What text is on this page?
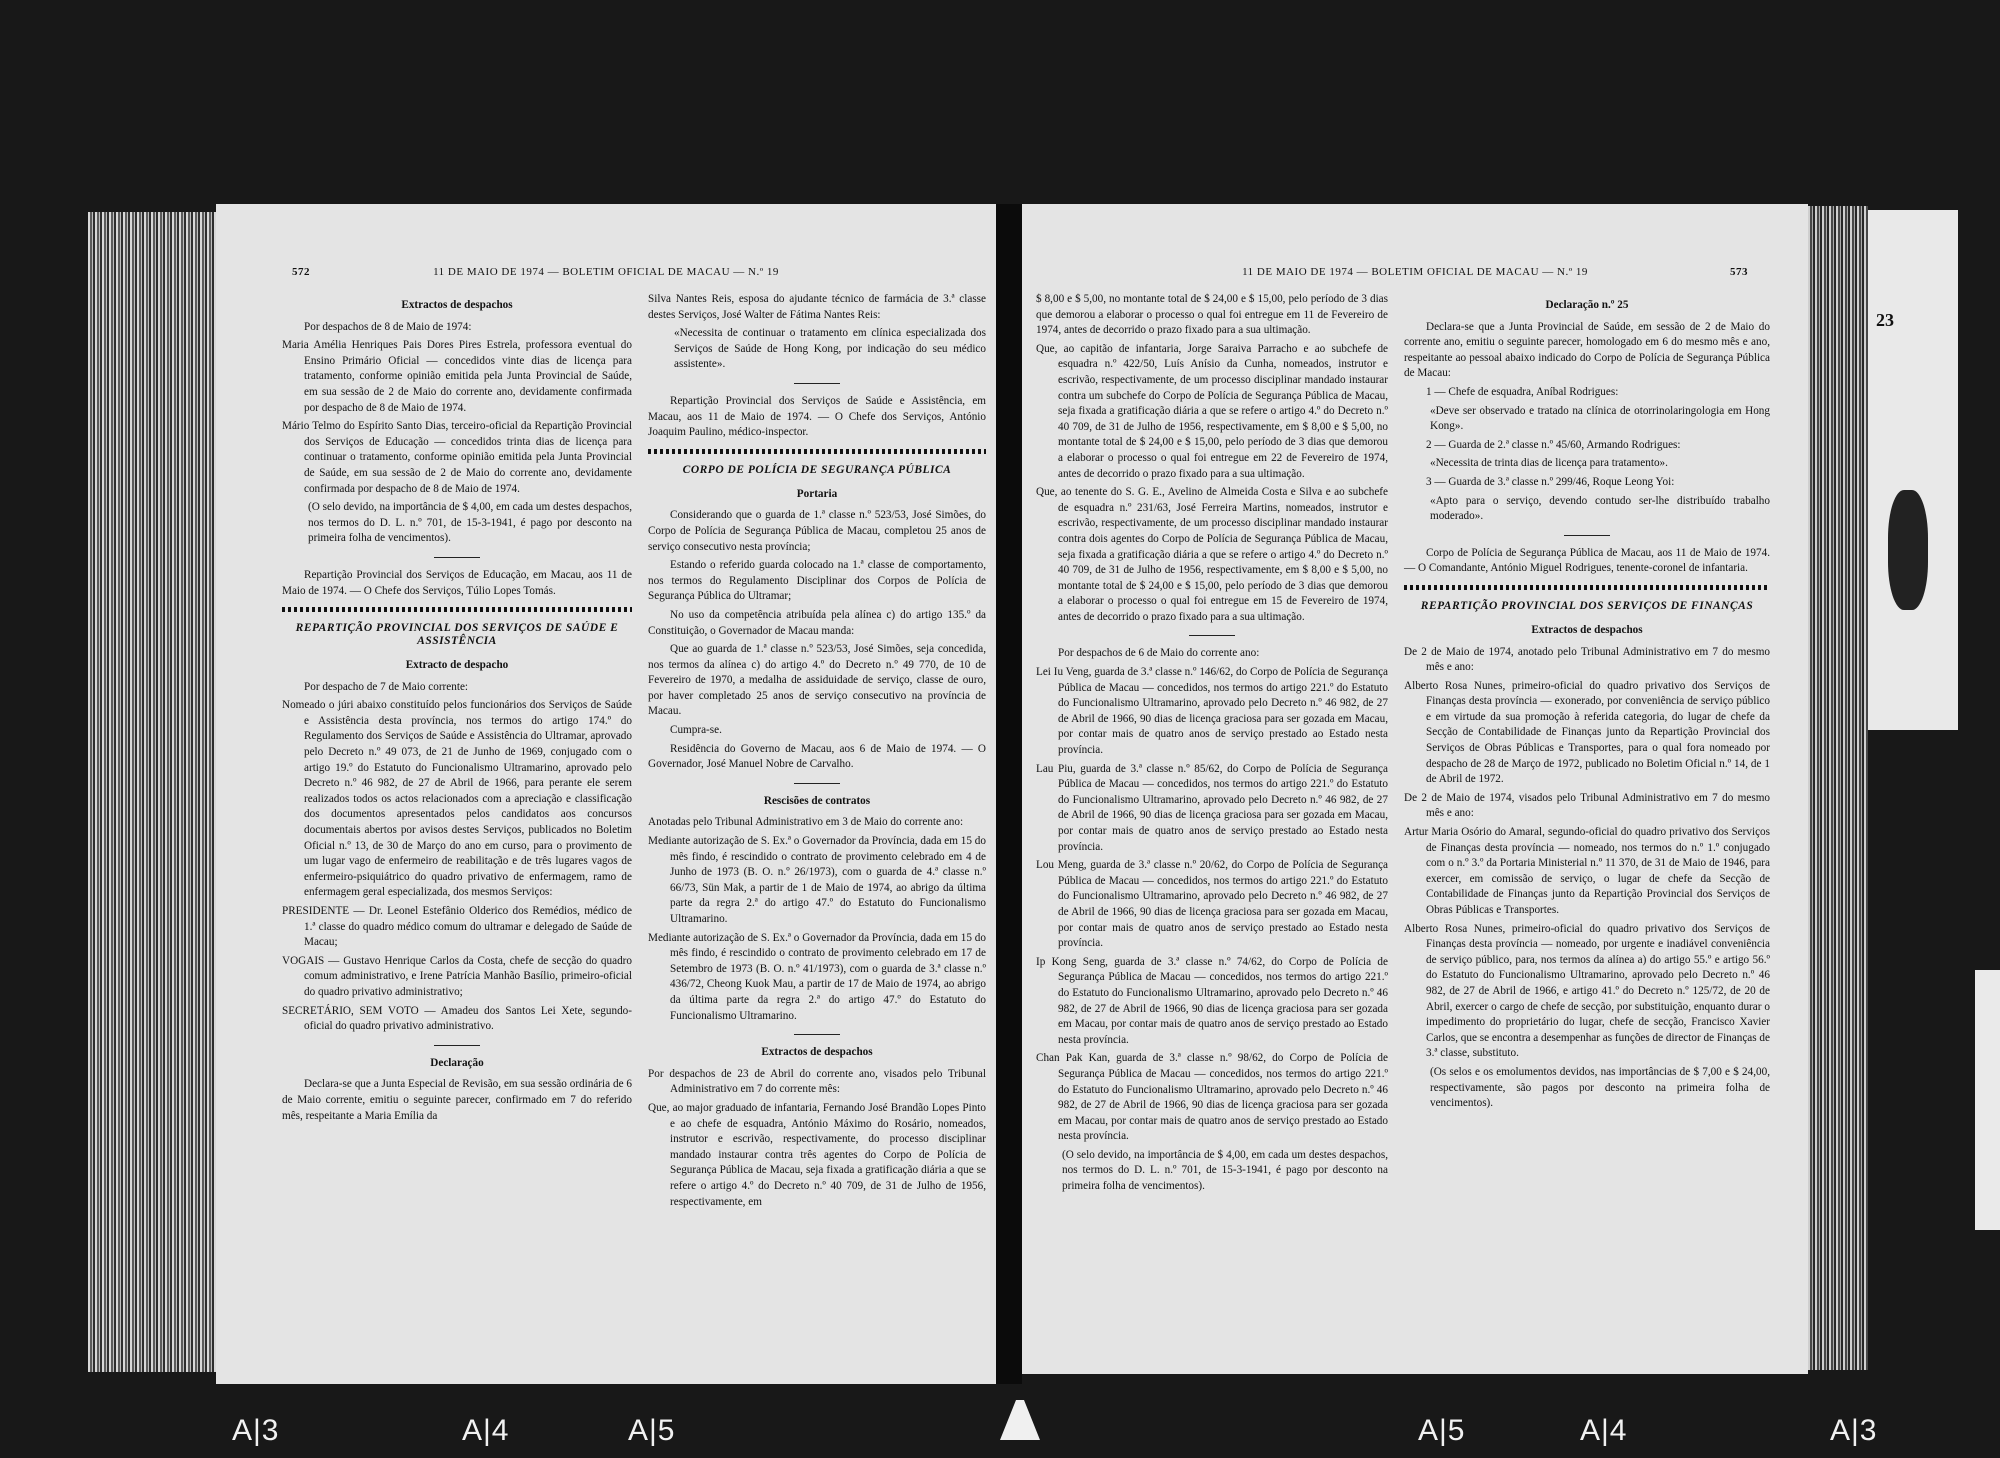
23
572	11 DE MAIO DE 1974 — BOLETIM OFICIAL DE MACAU — N.º 19

Extractos de despachos

Por despachos de 8 de Maio de 1974:

Maria Amélia Henriques Pais Dores Pires Estrela, professora eventual do Ensino Primário Oficial — concedidos vinte dias de licença para tratamento, conforme opinião emitida pela Junta Provincial de Saúde, em sua sessão de 2 de Maio do corrente ano, devidamente confirmada por despacho de 8 de Maio de 1974.

Mário Telmo do Espírito Santo Dias, terceiro-oficial da Repartição Provincial dos Serviços de Educação — concedidos trinta dias de licença para continuar o tratamento, conforme opinião emitida pela Junta Provincial de Saúde, em sua sessão de 2 de Maio do corrente ano, devidamente confirmada por despacho de 8 de Maio de 1974.

(O selo devido, na importância de $ 4,00, em cada um destes despachos, nos termos do D. L. n.º 701, de 15-3-1941, é pago por desconto na primeira folha de vencimentos).

Repartição Provincial dos Serviços de Educação, em Macau, aos 11 de Maio de 1974. — O Chefe dos Serviços, Túlio Lopes Tomás.

REPARTIÇÃO PROVINCIAL DOS SERVIÇOS DE SAÚDE E ASSISTÊNCIA

Extracto de despacho

Por despacho de 7 de Maio corrente:

Nomeado o júri abaixo constituído pelos funcionários dos Serviços de Saúde e Assistência desta província, nos termos do artigo 174.º do Regulamento dos Serviços de Saúde e Assistência do Ultramar, aprovado pelo Decreto n.º 49 073, de 21 de Junho de 1969, conjugado com o artigo 19.º do Estatuto do Funcionalismo Ultramarino, aprovado pelo Decreto n.º 46 982, de 27 de Abril de 1966, para perante ele serem realizados todos os actos relacionados com a apreciação e classificação dos documentos apresentados pelos candidatos aos concursos documentais abertos por avisos destes Serviços, publicados no Boletim Oficial n.º 13, de 30 de Março do ano em curso, para o provimento de um lugar vago de enfermeiro de reabilitação e de três lugares vagos de enfermeiro-psiquiátrico do quadro privativo de enfermagem, ramo de enfermagem geral especializada, dos mesmos Serviços:

PRESIDENTE — Dr. Leonel Estefânio Olderico dos Remédios, médico de 1.ª classe do quadro médico comum do ultramar e delegado de Saúde de Macau;

VOGAIS — Gustavo Henrique Carlos da Costa, chefe de secção do quadro comum administrativo, e Irene Patrícia Manhão Basílio, primeiro-oficial do quadro privativo administrativo;

SECRETÁRIO, SEM VOTO — Amadeu dos Santos Lei Xete, segundo-oficial do quadro privativo administrativo.

Declaração

Declara-se que a Junta Especial de Revisão, em sua sessão ordinária de 6 de Maio corrente, emitiu o seguinte parecer, confirmado em 7 do referido mês, respeitante a Maria Emília da

Silva Nantes Reis, esposa do ajudante técnico de farmácia de 3.ª classe destes Serviços, José Walter de Fátima Nantes Reis:

«Necessita de continuar o tratamento em clínica especializada dos Serviços de Saúde de Hong Kong, por indicação do seu médico assistente».

Repartição Provincial dos Serviços de Saúde e Assistência, em Macau, aos 11 de Maio de 1974. — O Chefe dos Serviços, António Joaquim Paulino, médico-inspector.

CORPO DE POLÍCIA DE SEGURANÇA PÚBLICA

Portaria

Considerando que o guarda de 1.ª classe n.º 523/53, José Simões, do Corpo de Polícia de Segurança Pública de Macau, completou 25 anos de serviço consecutivo nesta província;

Estando o referido guarda colocado na 1.ª classe de comportamento, nos termos do Regulamento Disciplinar dos Corpos de Polícia de Segurança Pública do Ultramar;

No uso da competência atribuída pela alínea c) do artigo 135.º da Constituição, o Governador de Macau manda:

Que ao guarda de 1.ª classe n.º 523/53, José Simões, seja concedida, nos termos da alínea c) do artigo 4.º do Decreto n.º 49 770, de 10 de Fevereiro de 1970, a medalha de assiduidade de serviço, classe de ouro, por haver completado 25 anos de serviço consecutivo na província de Macau.

Cumpra-se.

Residência do Governo de Macau, aos 6 de Maio de 1974. — O Governador, José Manuel Nobre de Carvalho.

Rescisões de contratos

Anotadas pelo Tribunal Administrativo em 3 de Maio do corrente ano:

Mediante autorização de S. Ex.ª o Governador da Província, dada em 15 do mês findo, é rescindido o contrato de provimento celebrado em 4 de Junho de 1973 (B. O. n.º 26/1973), com o guarda de 4.ª classe n.º 66/73, Sün Mak, a partir de 1 de Maio de 1974, ao abrigo da última parte da regra 2.ª do artigo 47.º do Estatuto do Funcionalismo Ultramarino.

Mediante autorização de S. Ex.ª o Governador da Província, dada em 15 do mês findo, é rescindido o contrato de provimento celebrado em 17 de Setembro de 1973 (B. O. n.º 41/1973), com o guarda de 3.ª classe n.º 436/72, Cheong Kuok Mau, a partir de 17 de Maio de 1974, ao abrigo da última parte da regra 2.ª do artigo 47.º do Estatuto do Funcionalismo Ultramarino.

Extractos de despachos

Por despachos de 23 de Abril do corrente ano, visados pelo Tribunal Administrativo em 7 do corrente mês:

Que, ao major graduado de infantaria, Fernando José Brandão Lopes Pinto e ao chefe de esquadra, António Máximo do Rosário, nomeados, instrutor e escrivão, respectivamente, do processo disciplinar mandado instaurar contra três agentes do Corpo de Polícia de Segurança Pública de Macau, seja fixada a gratificação diária a que se refere o artigo 4.º do Decreto n.º 40 709, de 31 de Julho de 1956, respectivamente, em

11 DE MAIO DE 1974 — BOLETIM OFICIAL DE MACAU — N.º 19	573

$ 8,00 e $ 5,00, no montante total de $ 24,00 e $ 15,00, pelo período de 3 dias que demorou a elaborar o processo o qual foi entregue em 11 de Fevereiro de 1974, antes de decorrido o prazo fixado para a sua ultimação.

Que, ao capitão de infantaria, Jorge Saraiva Parracho e ao subchefe de esquadra n.º 422/50, Luís Anísio da Cunha, nomeados, instrutor e escrivão, respectivamente, de um processo disciplinar mandado instaurar contra um subchefe do Corpo de Polícia de Segurança Pública de Macau, seja fixada a gratificação diária a que se refere o artigo 4.º do Decreto n.º 40 709, de 31 de Julho de 1956, respectivamente, em $ 8,00 e $ 5,00, no montante total de $ 24,00 e $ 15,00, pelo período de 3 dias que demorou a elaborar o processo o qual foi entregue em 22 de Fevereiro de 1974, antes de decorrido o prazo fixado para a sua ultimação.

Que, ao tenente do S. G. E., Avelino de Almeida Costa e Silva e ao subchefe de esquadra n.º 231/63, José Ferreira Martins, nomeados, instrutor e escrivão, respectivamente, de um processo disciplinar mandado instaurar contra dois agentes do Corpo de Polícia de Segurança Pública de Macau, seja fixada a gratificação diária a que se refere o artigo 4.º do Decreto n.º 40 709, de 31 de Julho de 1956, respectivamente, em $ 8,00 e $ 5,00, no montante total de $ 24,00 e $ 15,00, pelo período de 3 dias que demorou a elaborar o processo o qual foi entregue em 15 de Fevereiro de 1974, antes de decorrido o prazo fixado para a sua ultimação.

Por despachos de 6 de Maio do corrente ano:

Lei Iu Veng, guarda de 3.ª classe n.º 146/62, do Corpo de Polícia de Segurança Pública de Macau — concedidos, nos termos do artigo 221.º do Estatuto do Funcionalismo Ultramarino, aprovado pelo Decreto n.º 46 982, de 27 de Abril de 1966, 90 dias de licença graciosa para ser gozada em Macau, por contar mais de quatro anos de serviço prestado ao Estado nesta província.

Lau Piu, guarda de 3.ª classe n.º 85/62, do Corpo de Polícia de Segurança Pública de Macau — concedidos, nos termos do artigo 221.º do Estatuto do Funcionalismo Ultramarino, aprovado pelo Decreto n.º 46 982, de 27 de Abril de 1966, 90 dias de licença graciosa para ser gozada em Macau, por contar mais de quatro anos de serviço prestado ao Estado nesta província.

Lou Meng, guarda de 3.ª classe n.º 20/62, do Corpo de Polícia de Segurança Pública de Macau — concedidos, nos termos do artigo 221.º do Estatuto do Funcionalismo Ultramarino, aprovado pelo Decreto n.º 46 982, de 27 de Abril de 1966, 90 dias de licença graciosa para ser gozada em Macau, por contar mais de quatro anos de serviço prestado ao Estado nesta província.

Ip Kong Seng, guarda de 3.ª classe n.º 74/62, do Corpo de Polícia de Segurança Pública de Macau — concedidos, nos termos do artigo 221.º do Estatuto do Funcionalismo Ultramarino, aprovado pelo Decreto n.º 46 982, de 27 de Abril de 1966, 90 dias de licença graciosa para ser gozada em Macau, por contar mais de quatro anos de serviço prestado ao Estado nesta província.

Chan Pak Kan, guarda de 3.ª classe n.º 98/62, do Corpo de Polícia de Segurança Pública de Macau — concedidos, nos termos do artigo 221.º do Estatuto do Funcionalismo Ultramarino, aprovado pelo Decreto n.º 46 982, de 27 de Abril de 1966, 90 dias de licença graciosa para ser gozada em Macau, por contar mais de quatro anos de serviço prestado ao Estado nesta província.

(O selo devido, na importância de $ 4,00, em cada um destes despachos, nos termos do D. L. n.º 701, de 15-3-1941, é pago por desconto na primeira folha de vencimentos).

Declaração n.º 25

Declara-se que a Junta Provincial de Saúde, em sessão de 2 de Maio do corrente ano, emitiu o seguinte parecer, homologado em 6 do mesmo mês e ano, respeitante ao pessoal abaixo indicado do Corpo de Polícia de Segurança Pública de Macau:

1 — Chefe de esquadra, Aníbal Rodrigues:

«Deve ser observado e tratado na clínica de otorrinolaringologia em Hong Kong».

2 — Guarda de 2.ª classe n.º 45/60, Armando Rodrigues:

«Necessita de trinta dias de licença para tratamento».

3 — Guarda de 3.ª classe n.º 299/46, Roque Leong Yoi:

«Apto para o serviço, devendo contudo ser-lhe distribuído trabalho moderado».

Corpo de Polícia de Segurança Pública de Macau, aos 11 de Maio de 1974. — O Comandante, António Miguel Rodrigues, tenente-coronel de infantaria.

REPARTIÇÃO PROVINCIAL DOS SERVIÇOS DE FINANÇAS

Extractos de despachos

De 2 de Maio de 1974, anotado pelo Tribunal Administrativo em 7 do mesmo mês e ano:

Alberto Rosa Nunes, primeiro-oficial do quadro privativo dos Serviços de Finanças desta província — exonerado, por conveniência de serviço público e em virtude da sua promoção à referida categoria, do lugar de chefe da Secção de Contabilidade de Finanças junto da Repartição Provincial dos Serviços de Obras Públicas e Transportes, para o qual fora nomeado por despacho de 28 de Março de 1972, publicado no Boletim Oficial n.º 14, de 1 de Abril de 1972.

De 2 de Maio de 1974, visados pelo Tribunal Administrativo em 7 do mesmo mês e ano:

Artur Maria Osório do Amaral, segundo-oficial do quadro privativo dos Serviços de Finanças desta província — nomeado, nos termos do n.º 1.º conjugado com o n.º 3.º da Portaria Ministerial n.º 11 370, de 31 de Maio de 1946, para exercer, em comissão de serviço, o lugar de chefe da Secção de Contabilidade de Finanças junto da Repartição Provincial dos Serviços de Obras Públicas e Transportes.

Alberto Rosa Nunes, primeiro-oficial do quadro privativo dos Serviços de Finanças desta província — nomeado, por urgente e inadiável conveniência de serviço público, para, nos termos da alínea a) do artigo 55.º e artigo 56.º do Estatuto do Funcionalismo Ultramarino, aprovado pelo Decreto n.º 46 982, de 27 de Abril de 1966, e artigo 41.º do Decreto n.º 125/72, de 20 de Abril, exercer o cargo de chefe de secção, por substituição, enquanto durar o impedimento do proprietário do lugar, chefe de secção, Francisco Xavier Carlos, que se encontra a desempenhar as funções de director de Finanças de 3.ª classe, substituto.

(Os selos e os emolumentos devidos, nas importâncias de $ 7,00 e $ 24,00, respectivamente, são pagos por desconto na primeira folha de vencimentos).

A|3	A|4	A|5	A|5	A|4	A|3
